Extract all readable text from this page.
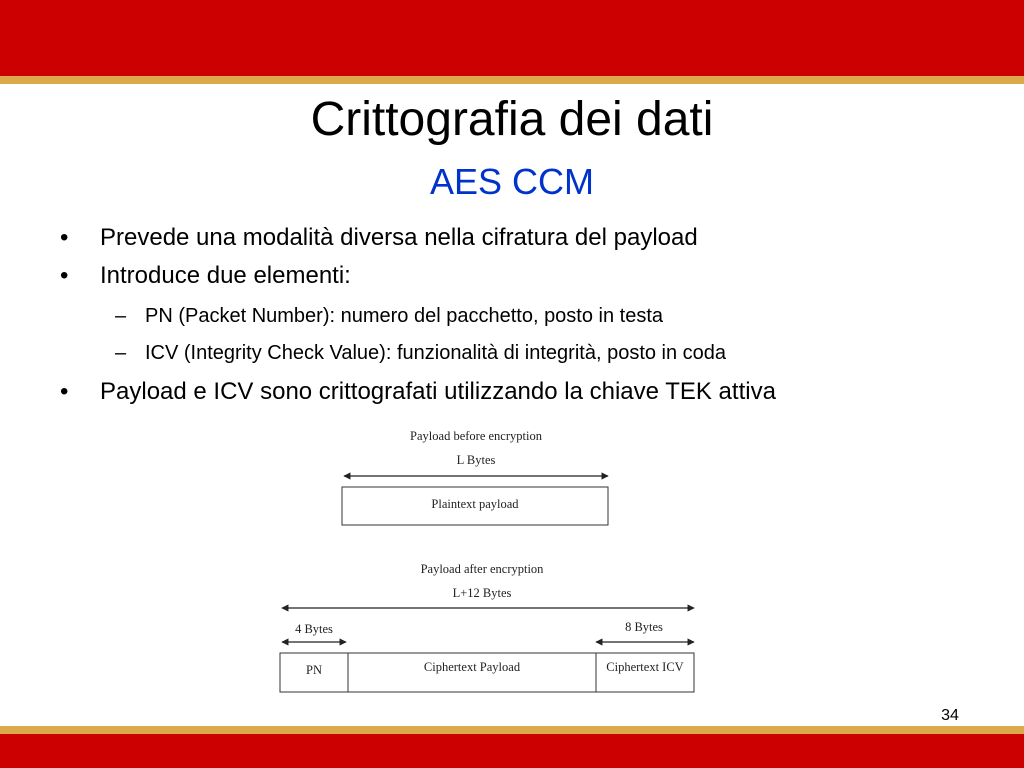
Crittografia dei dati
AES CCM
• Prevede una modalità diversa nella cifratura del payload
• Introduce due elementi:
– PN (Packet Number): numero del pacchetto, posto in testa
– ICV (Integrity Check Value): funzionalità di integrità, posto in coda
• Payload e ICV sono crittografati utilizzando la chiave TEK attiva
Payload before encryption
L Bytes
Plaintext payload
Payload after encryption
L+12 Bytes
4 Bytes	8 Bytes
PN	Ciphertext Payload	Ciphertext ICV
34
